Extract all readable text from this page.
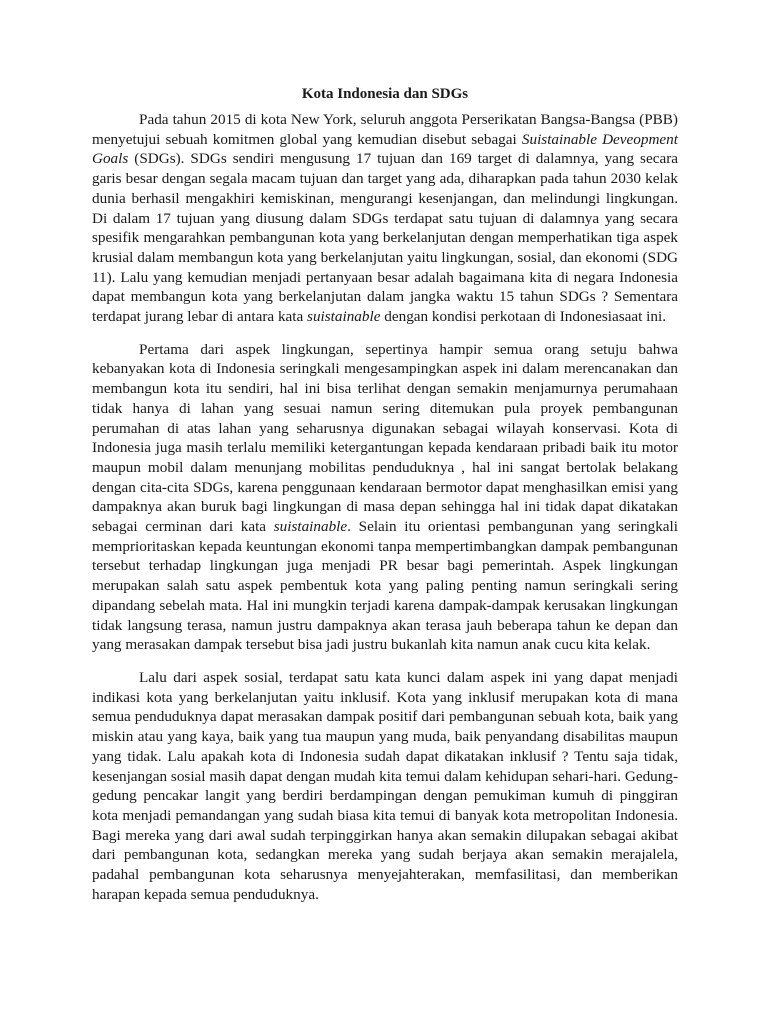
Kota Indonesia dan SDGs

Pada tahun 2015 di kota New York, seluruh anggota Perserikatan Bangsa-Bangsa (PBB) menyetujui sebuah komitmen global yang kemudian disebut sebagai Suistainable Deveopment Goals (SDGs). SDGs sendiri mengusung 17 tujuan dan 169 target di dalamnya, yang secara garis besar dengan segala macam tujuan dan target yang ada, diharapkan pada tahun 2030 kelak dunia berhasil mengakhiri kemiskinan, mengurangi kesenjangan, dan melindungi lingkungan. Di dalam 17 tujuan yang diusung dalam SDGs terdapat satu tujuan di dalamnya yang secara spesifik mengarahkan pembangunan kota yang berkelanjutan dengan memperhatikan tiga aspek krusial dalam membangun kota yang berkelanjutan yaitu lingkungan, sosial, dan ekonomi (SDG 11). Lalu yang kemudian menjadi pertanyaan besar adalah bagaimana kita di negara Indonesia dapat membangun kota yang berkelanjutan dalam jangka waktu 15 tahun SDGs ? Sementara terdapat jurang lebar di antara kata suistainable dengan kondisi perkotaan di Indonesiasaat ini.

Pertama dari aspek lingkungan, sepertinya hampir semua orang setuju bahwa kebanyakan kota di Indonesia seringkali mengesampingkan aspek ini dalam merencanakan dan membangun kota itu sendiri, hal ini bisa terlihat dengan semakin menjamurnya perumahaan tidak hanya di lahan yang sesuai namun sering ditemukan pula proyek pembangunan perumahan di atas lahan yang seharusnya digunakan sebagai wilayah konservasi. Kota di Indonesia juga masih terlalu memiliki ketergantungan kepada kendaraan pribadi baik itu motor maupun mobil dalam menunjang mobilitas penduduknya , hal ini sangat bertolak belakang dengan cita-cita SDGs, karena penggunaan kendaraan bermotor dapat menghasilkan emisi yang dampaknya akan buruk bagi lingkungan di masa depan sehingga hal ini tidak dapat dikatakan sebagai cerminan dari kata suistainable. Selain itu orientasi pembangunan yang seringkali memprioritaskan kepada keuntungan ekonomi tanpa mempertimbangkan dampak pembangunan tersebut terhadap lingkungan juga menjadi PR besar bagi pemerintah. Aspek lingkungan merupakan salah satu aspek pembentuk kota yang paling penting namun seringkali sering dipandang sebelah mata. Hal ini mungkin terjadi karena dampak-dampak kerusakan lingkungan tidak langsung terasa, namun justru dampaknya akan terasa jauh beberapa tahun ke depan dan yang merasakan dampak tersebut bisa jadi justru bukanlah kita namun anak cucu kita kelak.

Lalu dari aspek sosial, terdapat satu kata kunci dalam aspek ini yang dapat menjadi indikasi kota yang berkelanjutan yaitu inklusif. Kota yang inklusif merupakan kota di mana semua penduduknya dapat merasakan dampak positif dari pembangunan sebuah kota, baik yang miskin atau yang kaya, baik yang tua maupun yang muda, baik penyandang disabilitas maupun yang tidak. Lalu apakah kota di Indonesia sudah dapat dikatakan inklusif ? Tentu saja tidak, kesenjangan sosial masih dapat dengan mudah kita temui dalam kehidupan sehari-hari. Gedung-gedung pencakar langit yang berdiri berdampingan dengan pemukiman kumuh di pinggiran kota menjadi pemandangan yang sudah biasa kita temui di banyak kota metropolitan Indonesia. Bagi mereka yang dari awal sudah terpinggirkan hanya akan semakin dilupakan sebagai akibat dari pembangunan kota, sedangkan mereka yang sudah berjaya akan semakin merajalela, padahal pembangunan kota seharusnya menyejahterakan, memfasilitasi, dan memberikan harapan kepada semua penduduknya.
